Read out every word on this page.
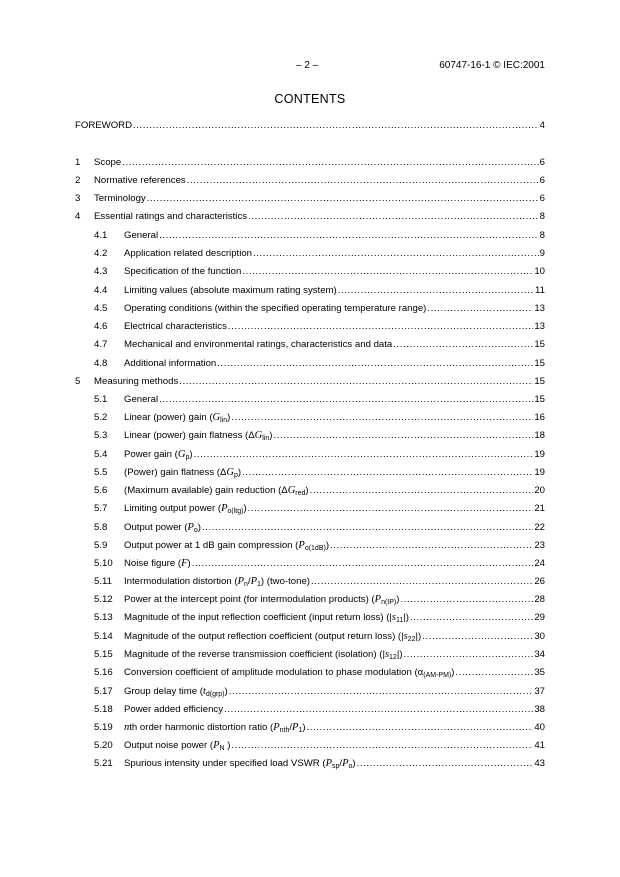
– 2 –	60747-16-1 © IEC:2001
CONTENTS
FOREWORD .....	4
1	Scope .....	6
2	Normative references .....	6
3	Terminology .....	6
4	Essential ratings and characteristics .....	8
4.1	General .....	8
4.2	Application related description .....	9
4.3	Specification of the function .....	10
4.4	Limiting values (absolute maximum rating system) .....	11
4.5	Operating conditions (within the specified operating temperature range) .....	13
4.6	Electrical characteristics .....	13
4.7	Mechanical and environmental ratings, characteristics and data .....	15
4.8	Additional information .....	15
5	Measuring methods .....	15
5.1	General .....	15
5.2	Linear (power) gain $(G_{lin})$ .....	16
5.3	Linear (power) gain flatness $(\Delta G_{lin})$ .....	18
5.4	Power gain $(G_p)$ .....	19
5.5	(Power) gain flatness $(\Delta G_p)$ .....	19
5.6	(Maximum available) gain reduction $(\Delta G_{red})$ .....	20
5.7	Limiting output power $(P_{o(ltg)})$ .....	21
5.8	Output power $(P_o)$ .....	22
5.9	Output power at 1 dB gain compression $(P_{o(1dB)})$ .....	23
5.10	Noise figure (F) .....	24
5.11	Intermodulation distortion $(P_n/P_1)$ (two-tone) .....	26
5.12	Power at the intercept point (for intermodulation products) $(P_{n(IP)})$ .....	28
5.13	Magnitude of the input reflection coefficient (input return loss) $(|s_{11}|)$ .....	29
5.14	Magnitude of the output reflection coefficient (output return loss) $(|s_{22}|)$ .....	30
5.15	Magnitude of the reverse transmission coefficient (isolation) $(|s_{12}|)$ .....	34
5.16	Conversion coefficient of amplitude modulation to phase modulation $(\alpha_{(AM-PM)})$ .....	35
5.17	Group delay time $(t_{d(grp)})$ .....	37
5.18	Power added efficiency .....	38
5.19	nth order harmonic distortion ratio $(P_{nth}/P_1)$ .....	40
5.20	Output noise power ($P_N$ ) .....	41
5.21	Spurious intensity under specified load VSWR $(P_{sp}/P_o)$ .....	43
